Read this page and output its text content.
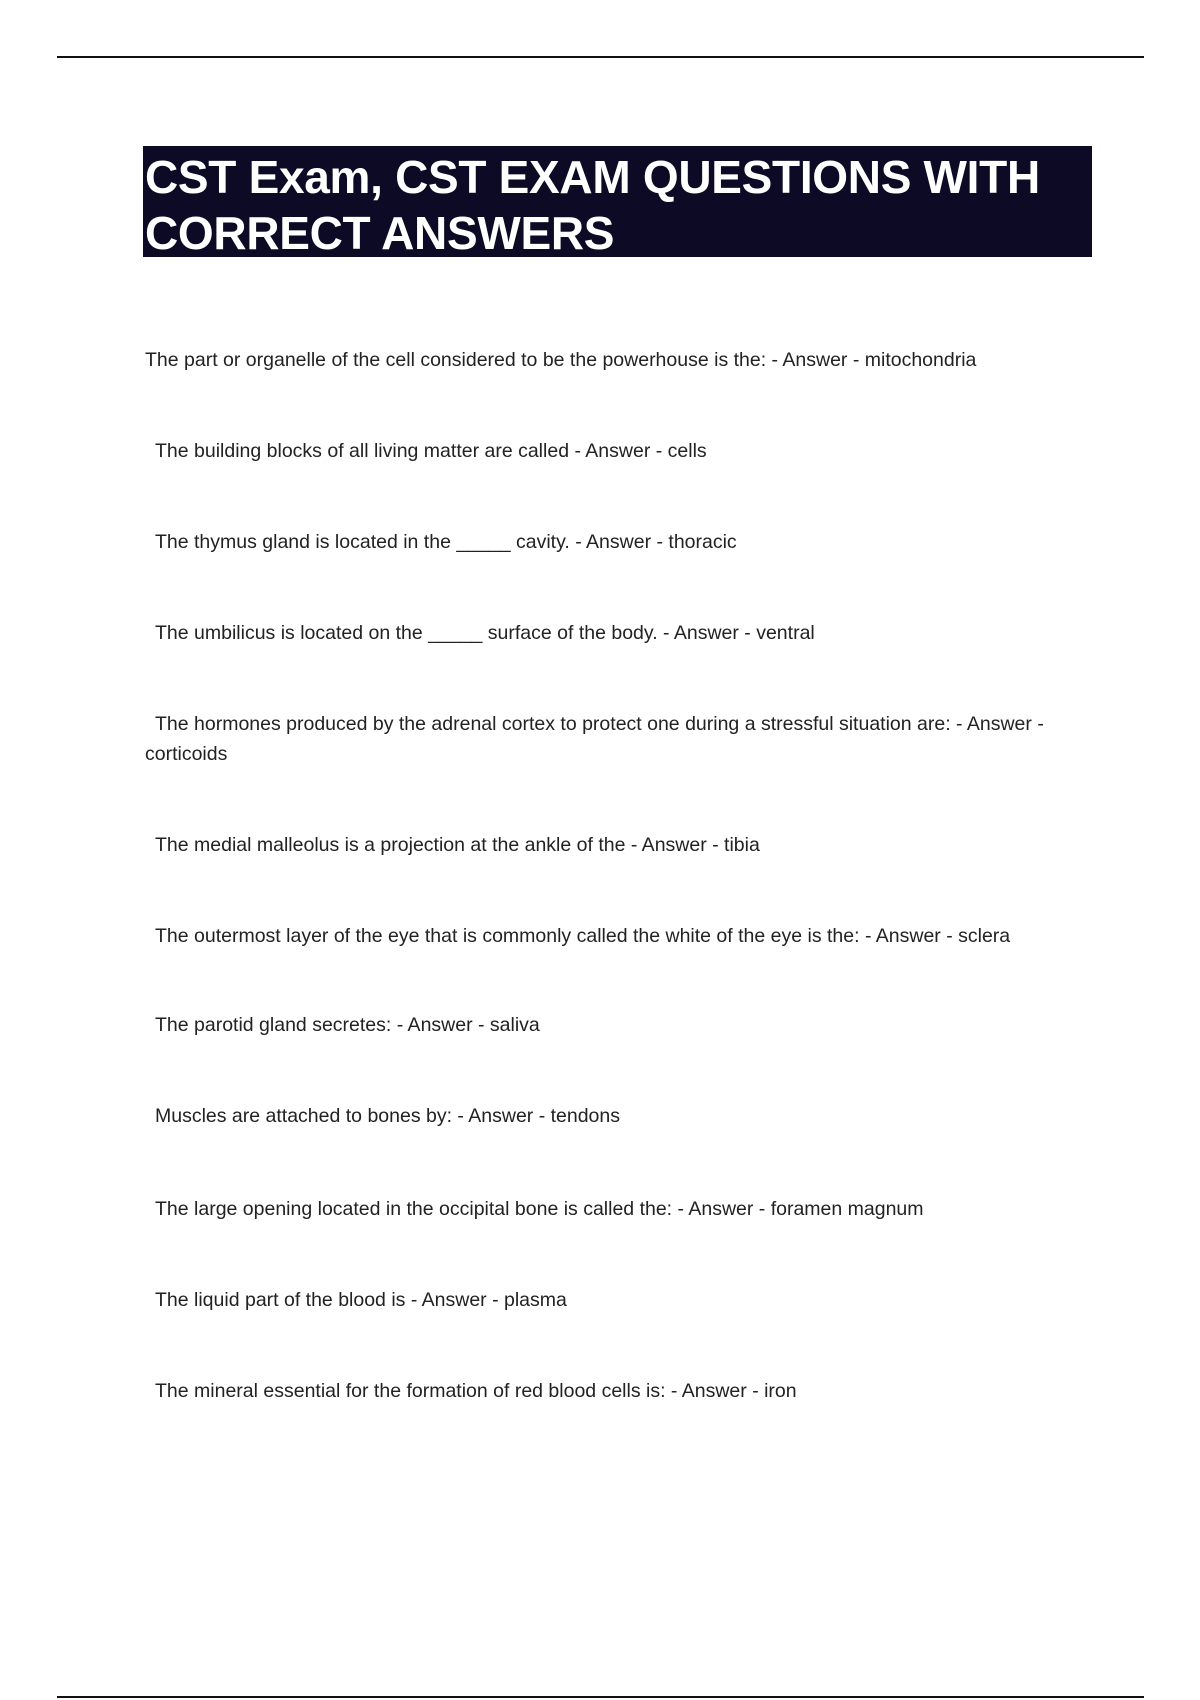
CST Exam, CST EXAM QUESTIONS WITH CORRECT ANSWERS
The part or organelle of the cell considered to be the powerhouse is the: - Answer - mitochondria
The building blocks of all living matter are called - Answer - cells
The thymus gland is located in the _____ cavity. - Answer - thoracic
The umbilicus is located on the _____ surface of the body. - Answer - ventral
The hormones produced by the adrenal cortex to protect one during a stressful situation are: - Answer - corticoids
The medial malleolus is a projection at the ankle of the - Answer - tibia
The outermost layer of the eye that is commonly called the white of the eye is the: - Answer - sclera
The parotid gland secretes: - Answer - saliva
Muscles are attached to bones by: - Answer - tendons
The large opening located in the occipital bone is called the: - Answer - foramen magnum
The liquid part of the blood is - Answer - plasma
The mineral essential for the formation of red blood cells is: - Answer - iron
